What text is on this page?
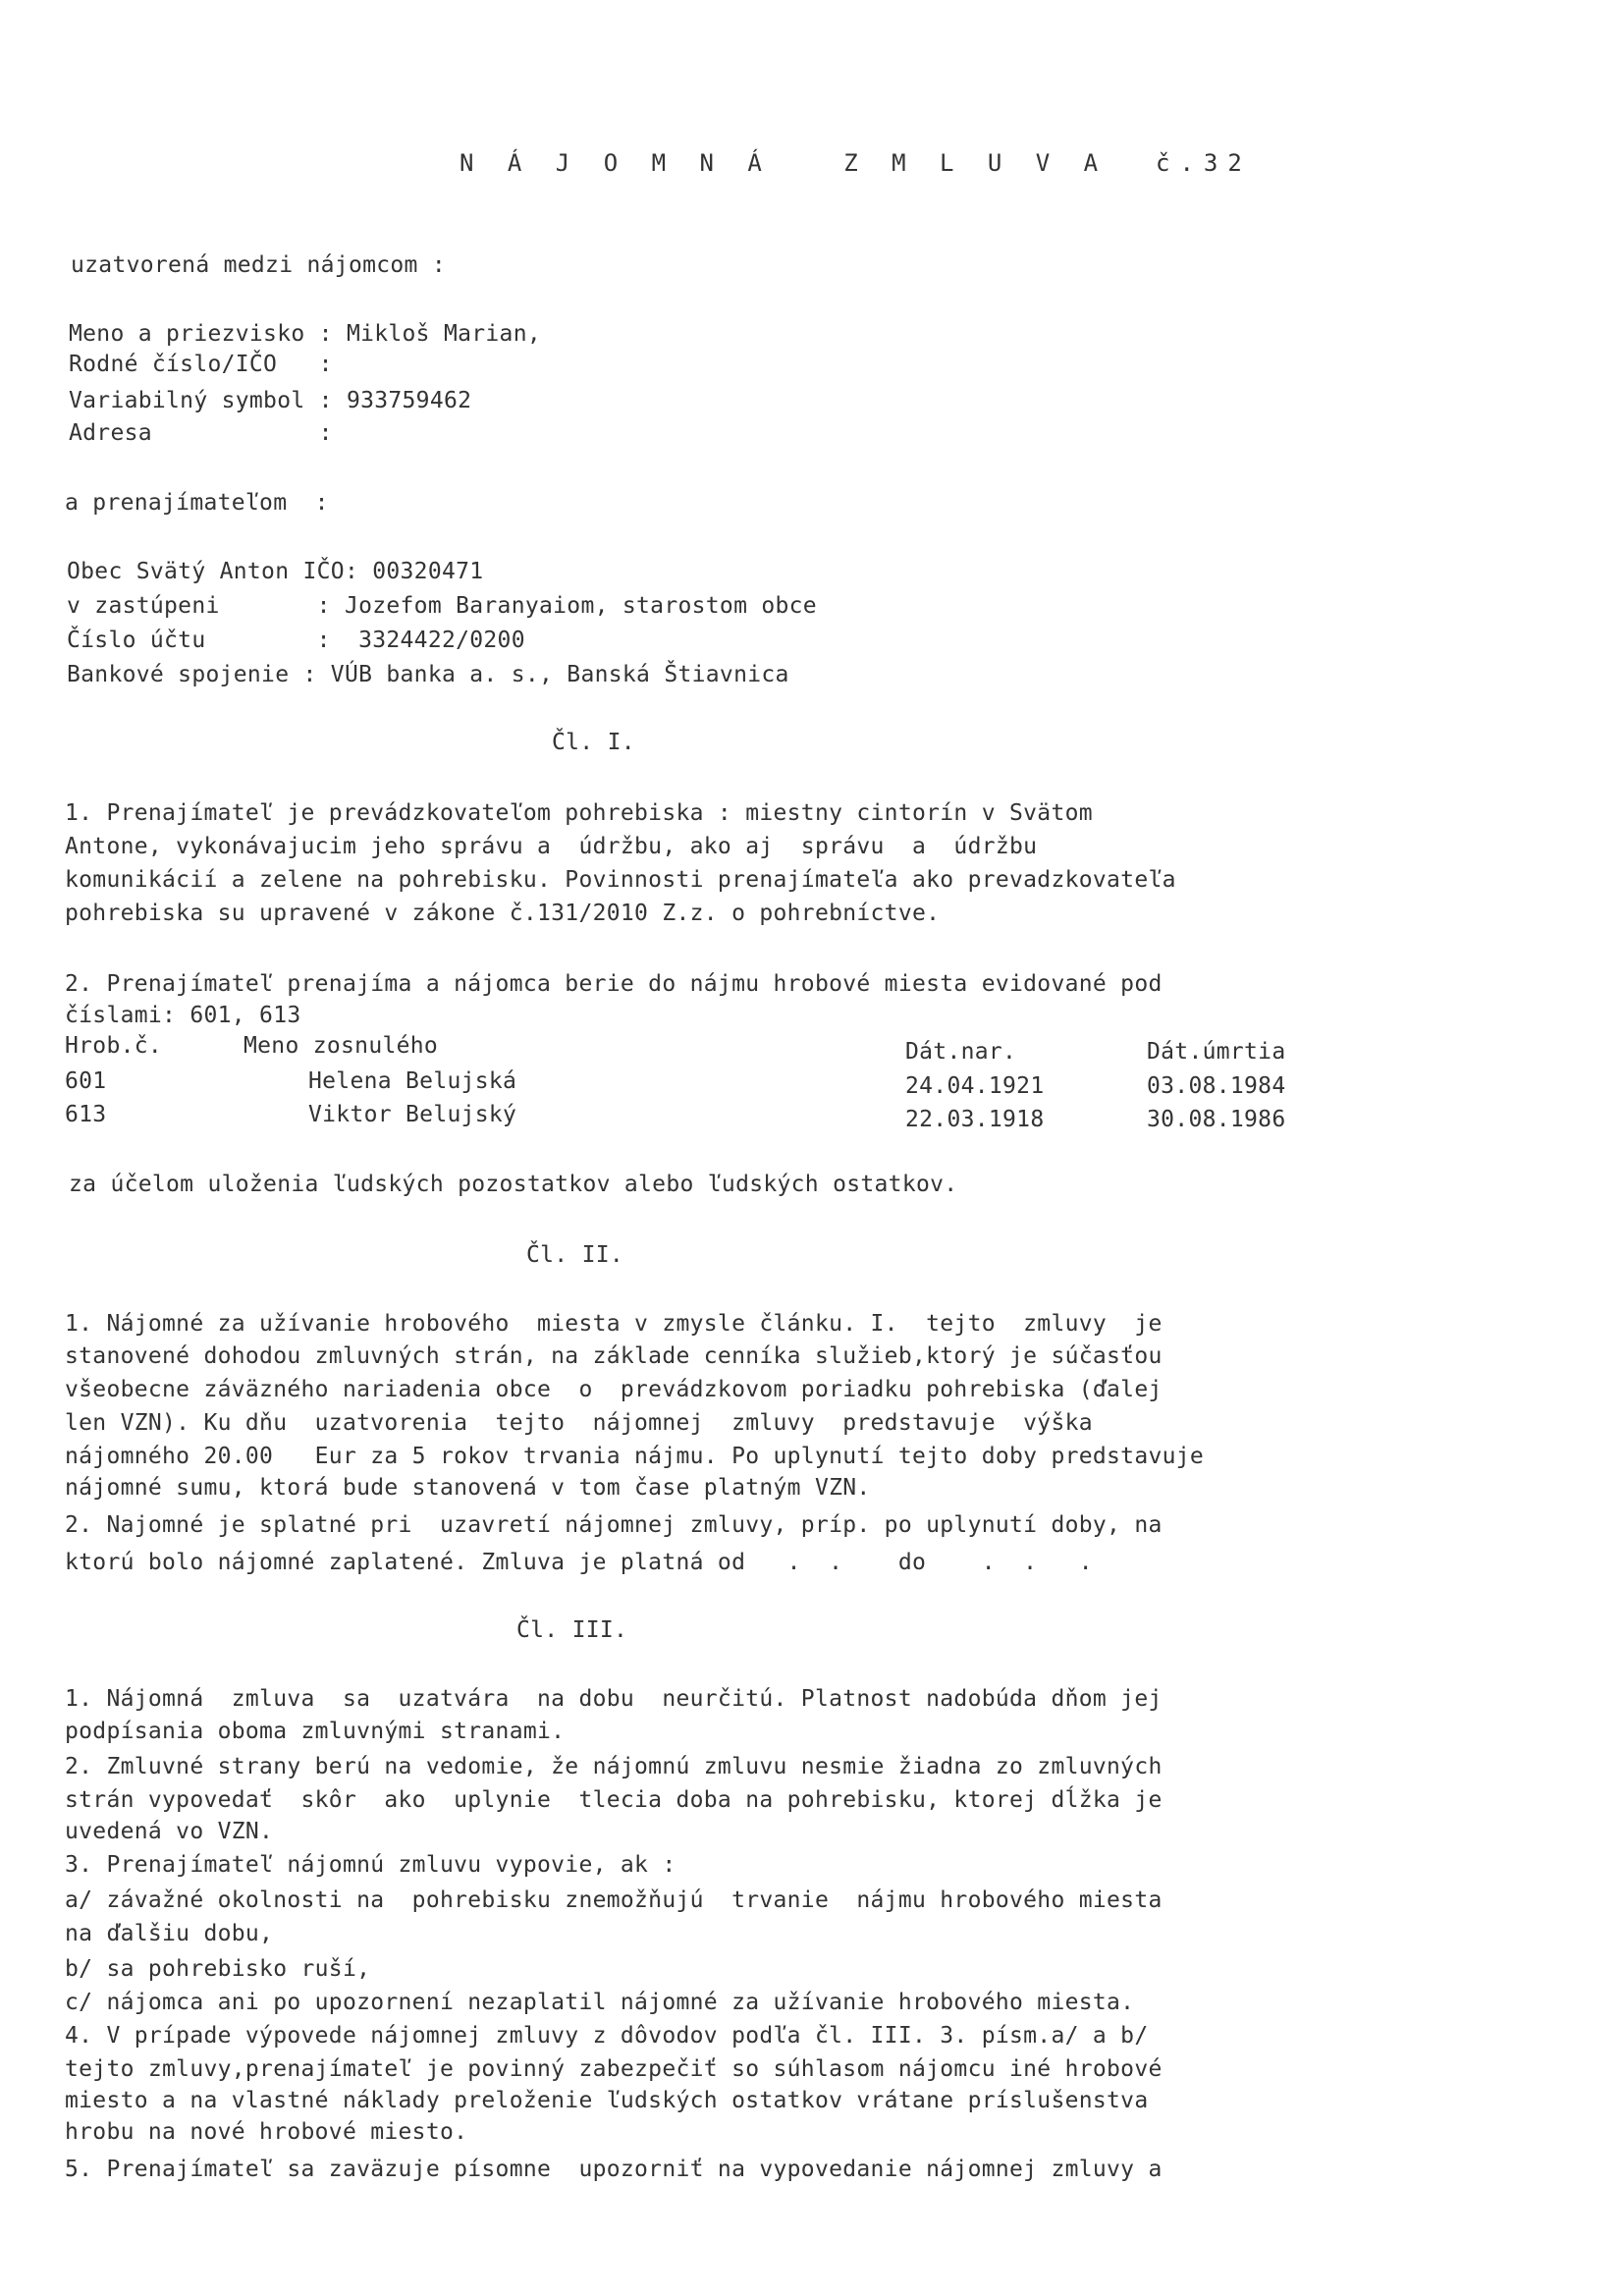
N Á J O M N Á   Z M L U V A  č.32
uzatvorená medzi nájomcom :
Meno a priezvisko : Mikloš Marian,
Rodné číslo/IČO   :
Variabilný symbol : 933759462
Adresa            :
a prenajímateľom  :
Obec Svätý Anton IČO: 00320471
v zastúpeni       : Jozefom Baranyaiom, starostom obce
Číslo účtu        :  3324422/0200
Bankové spojenie : VÚB banka a. s., Banská Štiavnica
Čl. I.
1. Prenajímateľ je prevádzkovateľom pohrebiska : miestny cintorín v Svätom
Antone, vykonávajucim jeho správu a  údržbu, ako aj  správu  a  údržbu
komunikácií a zelene na pohrebisku. Povinnosti prenajímateľa ako prevadzkovateľa
pohrebiska su upravené v zákone č.131/2010 Z.z. o pohrebníctve.
2. Prenajímateľ prenajíma a nájomca berie do nájmu hrobové miesta evidované pod
číslami: 601, 613
Hrob.č.	Meno zosnulého	Dát.nar.	Dát.úmrtia
601	Helena Belujská	24.04.1921	03.08.1984
613	Viktor Belujský	22.03.1918	30.08.1986
za účelom uloženia ľudských pozostatkov alebo ľudských ostatkov.
Čl. II.
1. Nájomné za užívanie hrobového  miesta v zmysle článku. I.  tejto  zmluvy  je
stanovené dohodou zmluvných strán, na základe cenníka služieb,ktorý je súčasťou
všeobecne záväzného nariadenia obce  o  prevádzkovom poriadku pohrebiska (ďalej
len VZN). Ku dňu  uzatvorenia  tejto  nájomnej  zmluvy  predstavuje  výška
nájomného 20.00   Eur za 5 rokov trvania nájmu. Po uplynutí tejto doby predstavuje
nájomné sumu, ktorá bude stanovená v tom čase platným VZN.
2. Najomné je splatné pri  uzavretí nájomnej zmluvy, príp. po uplynutí doby, na
ktorú bolo nájomné zaplatené. Zmluva je platná od   .  .    do    .  .   .
Čl. III.
1. Nájomná  zmluva  sa  uzatvára  na dobu  neurčitú. Platnost nadobúda dňom jej
podpísania oboma zmluvnými stranami.
2. Zmluvné strany berú na vedomie, že nájomnú zmluvu nesmie žiadna zo zmluvných
strán vypovedať  skôr  ako  uplynie  tlecia doba na pohrebisku, ktorej dĺžka je
uvedená vo VZN.
3. Prenajímateľ nájomnú zmluvu vypovie, ak :
a/ závažné okolnosti na  pohrebisku znemožňujú  trvanie  nájmu hrobového miesta
na ďalšiu dobu,
b/ sa pohrebisko ruší,
c/ nájomca ani po upozornení nezaplatil nájomné za užívanie hrobového miesta.
4. V prípade výpovede nájomnej zmluvy z dôvodov podľa čl. III. 3. písm.a/ a b/
tejto zmluvy,prenajímateľ je povinný zabezpečiť so súhlasom nájomcu iné hrobové
miesto a na vlastné náklady preloženie ľudských ostatkov vrátane príslušenstva
hrobu na nové hrobové miesto.
5. Prenajímateľ sa zaväzuje písomne  upozorniť na vypovedanie nájomnej zmluvy a
